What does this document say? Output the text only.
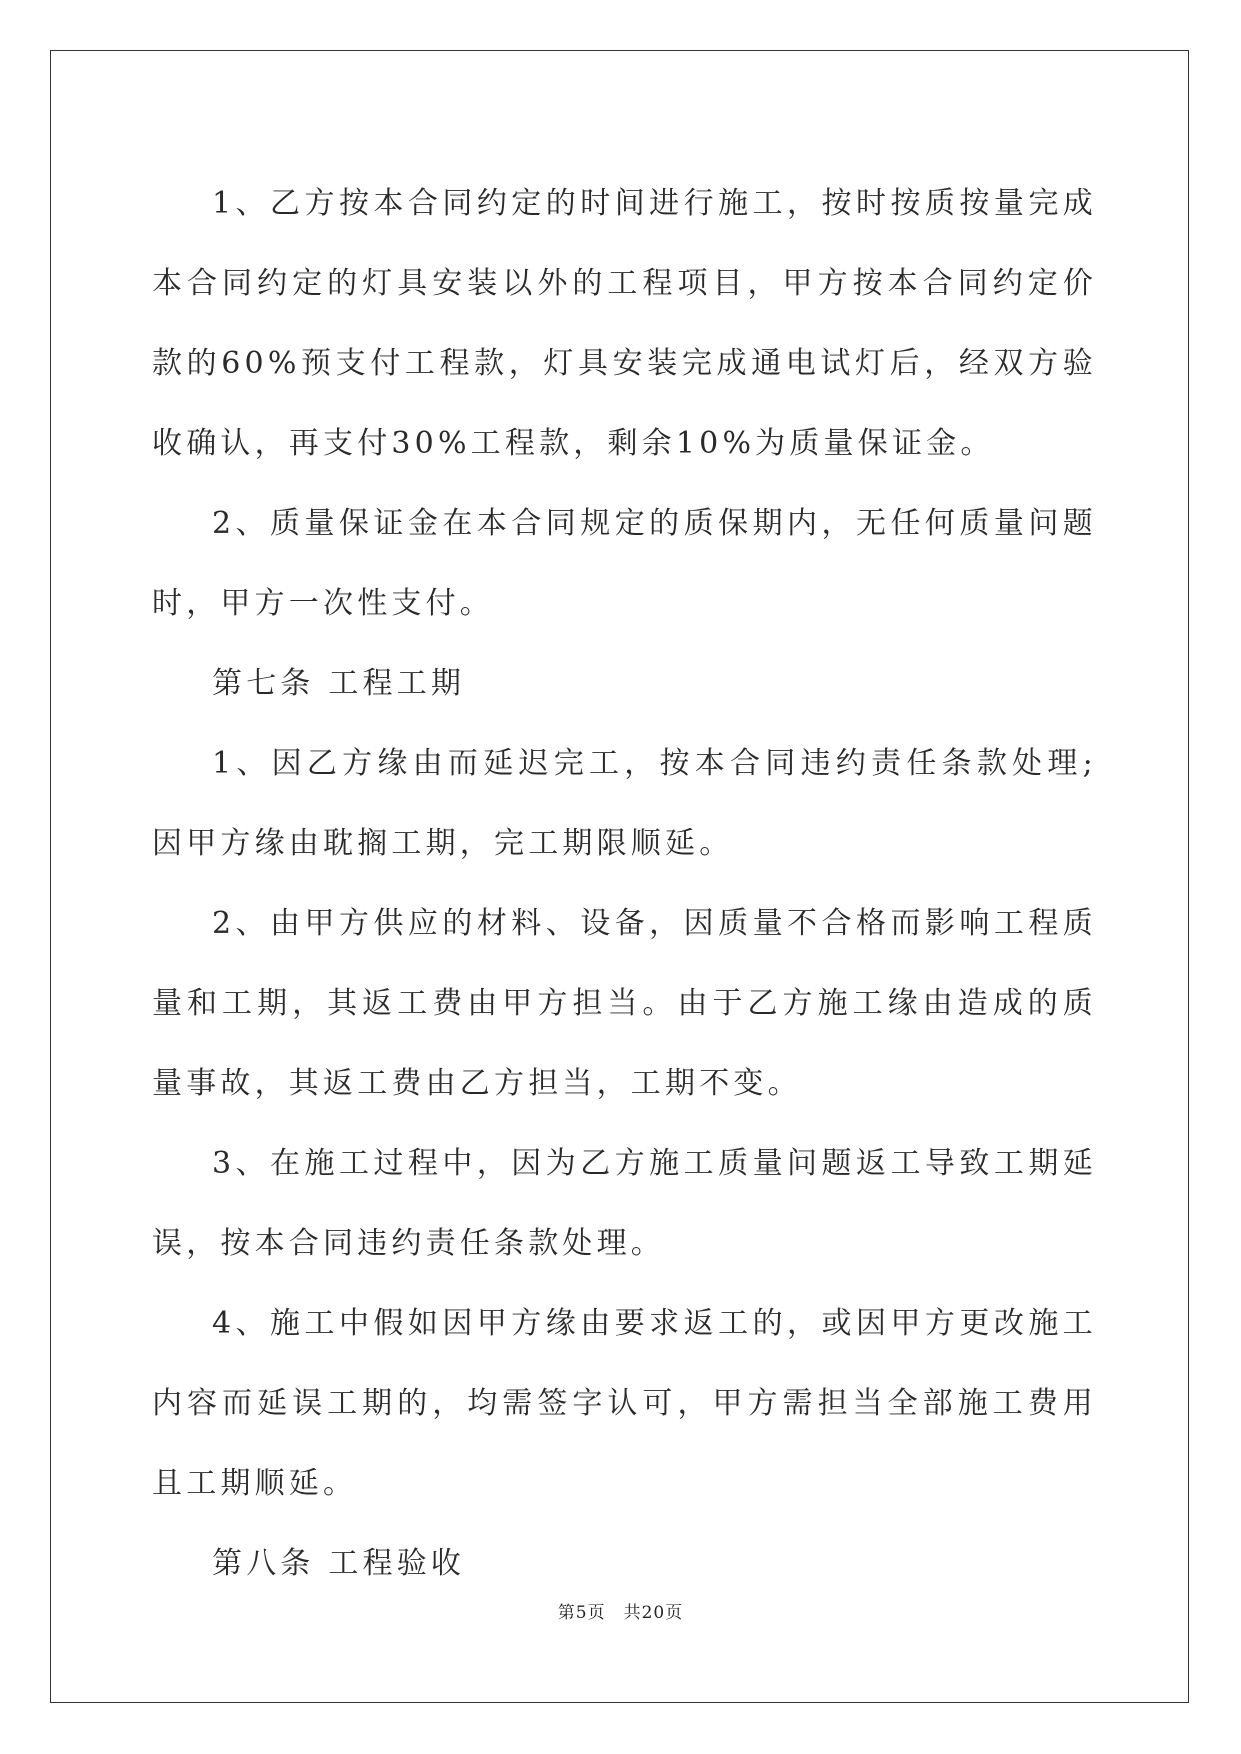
1、乙方按本合同约定的时间进行施工，按时按质按量完成本合同约定的灯具安装以外的工程项目，甲方按本合同约定价款的60%预支付工程款，灯具安装完成通电试灯后，经双方验收确认，再支付30%工程款，剩余10%为质量保证金。

2、质量保证金在本合同规定的质保期内，无任何质量问题时，甲方一次性支付。

第七条 工程工期

1、因乙方缘由而延迟完工，按本合同违约责任条款处理;因甲方缘由耽搁工期，完工期限顺延。

2、由甲方供应的材料、设备，因质量不合格而影响工程质量和工期，其返工费由甲方担当。由于乙方施工缘由造成的质量事故，其返工费由乙方担当，工期不变。

3、在施工过程中，因为乙方施工质量问题返工导致工期延误，按本合同违约责任条款处理。

4、施工中假如因甲方缘由要求返工的，或因甲方更改施工内容而延误工期的，均需签字认可，甲方需担当全部施工费用且工期顺延。

第八条 工程验收

第5页 共20页
